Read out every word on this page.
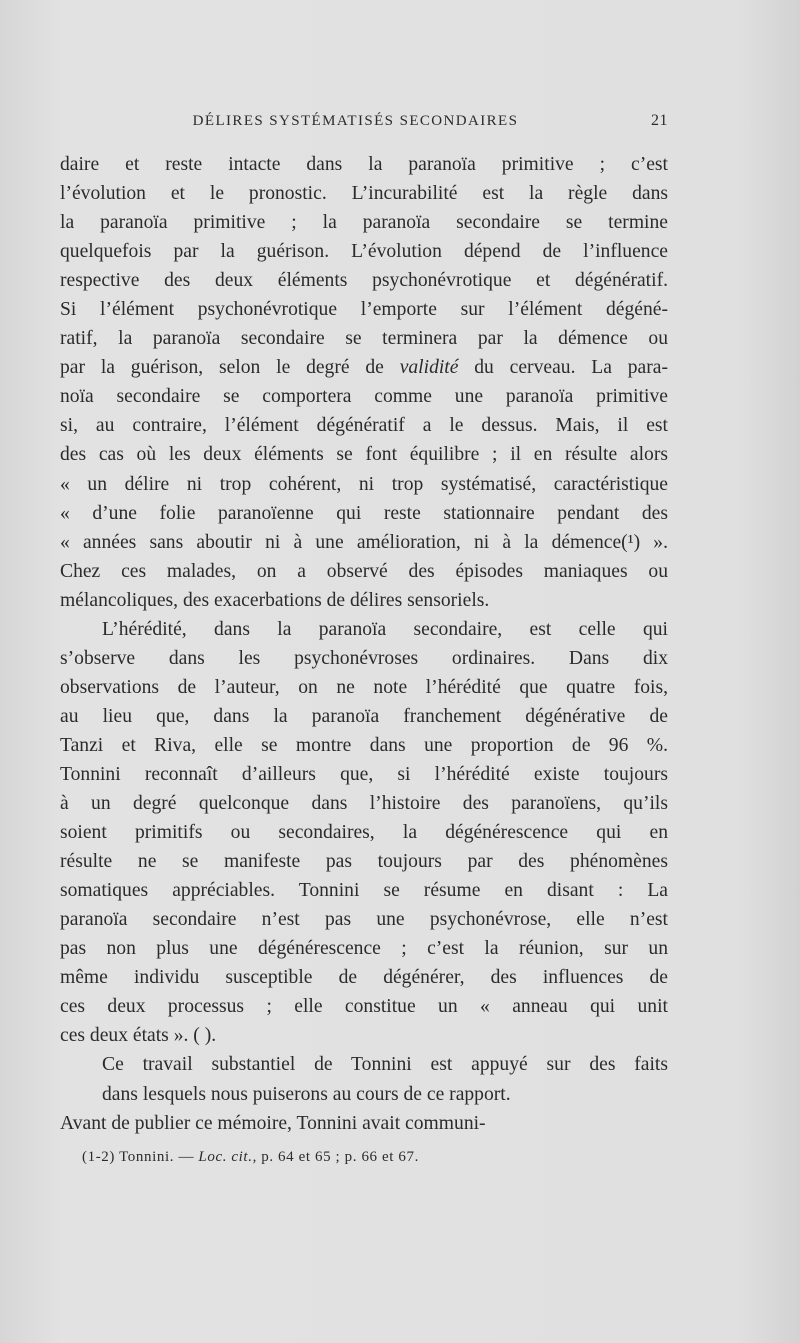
DÉLIRES SYSTÉMATISÉS SECONDAIRES	21
daire et reste intacte dans la paranoïa primitive ; c’est
l’évolution et le pronostic. L’incurabilité est la règle dans
la paranoïa primitive ; la paranoïa secondaire se termine
quelquefois par la guérison. L’évolution dépend de l’influence
respective des deux éléments psychonévrotique et dégénératif.
Si l’élément psychonévrotique l’emporte sur l’élément dégéné-
ratif, la paranoïa secondaire se terminera par la démence ou
par la guérison, selon le degré de validité du cerveau. La para-
noïa secondaire se comportera comme une paranoïa primitive
si, au contraire, l’élément dégénératif a le dessus. Mais, il est
des cas où les deux éléments se font équilibre ; il en résulte alors
« un délire ni trop cohérent, ni trop systématisé, caractéristique
« d’une folie paranoïenne qui reste stationnaire pendant des
« années sans aboutir ni à une amélioration, ni à la démence(¹) ».
Chez ces malades, on a observé des épisodes maniaques ou
mélancoliques, des exacerbations de délires sensoriels.
L’hérédité, dans la paranoïa secondaire, est celle qui
s’observe dans les psychonévroses ordinaires. Dans dix
observations de l’auteur, on ne note l’hérédité que quatre fois,
au lieu que, dans la paranoïa franchement dégénérative de
Tanzi et Riva, elle se montre dans une proportion de 96 %.
Tonnini reconnaît d’ailleurs que, si l’hérédité existe toujours
à un degré quelconque dans l’histoire des paranoïens, qu’ils
soient primitifs ou secondaires, la dégénérescence qui en
résulte ne se manifeste pas toujours par des phénomènes
somatiques appréciables. Tonnini se résume en disant : La
paranoïa secondaire n’est pas une psychonévrose, elle n’est
pas non plus une dégénérescence ; c’est la réunion, sur un
même individu susceptible de dégénérer, des influences de
ces deux processus ; elle constitue un « anneau qui unit
ces deux états ». ( ).
Ce travail substantiel de Tonnini est appuyé sur des faits
dans lesquels nous puiserons au cours de ce rapport.
Avant de publier ce mémoire, Tonnini avait communi-
(1-2) Tonnini. — Loc. cit., p. 64 et 65 ; p. 66 et 67.
